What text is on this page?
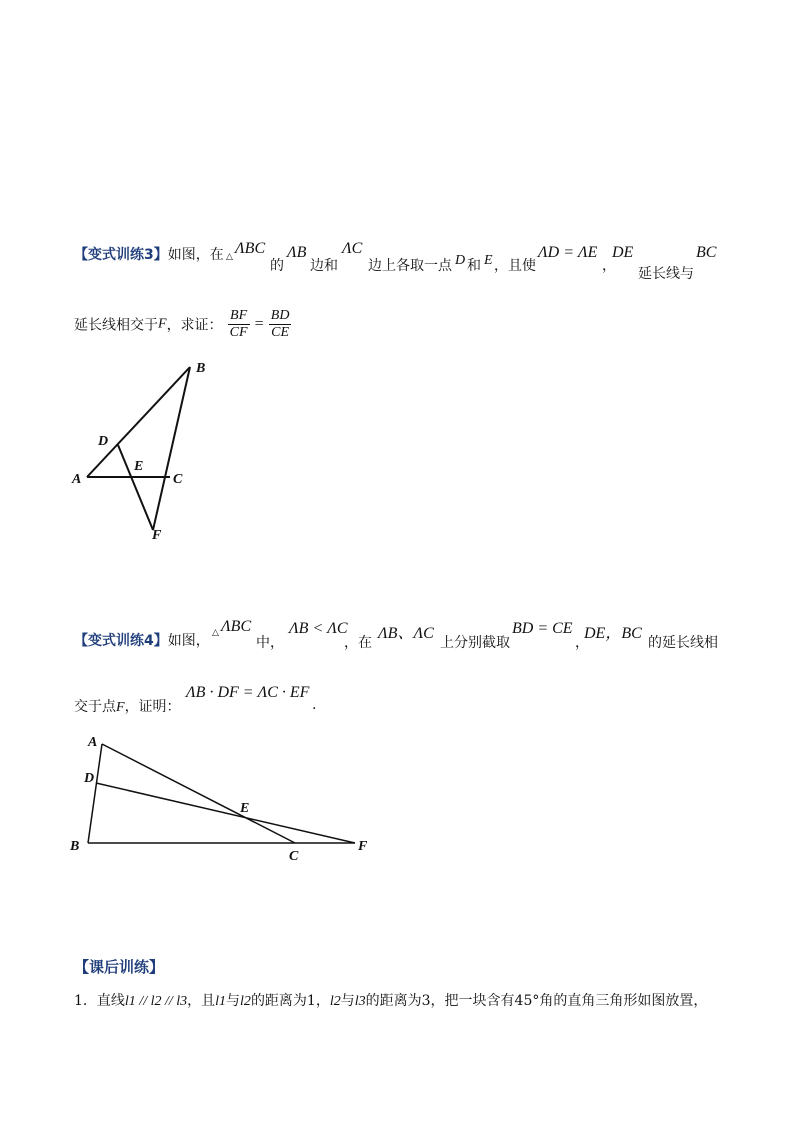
【变式训练3】如图，在 △ ΛBC
的
ΛB
边和
ΛC
边上各取一点 D 和 E ，且使
ΛD = ΛE
，
DE
延长线与
BC
延长线相交于F，求证： $\frac{BF}{CF} = \frac{BD}{CE}$
B
D
E
A	C
F
【变式训练4】如图， △ ΛBC
中，
ΛB < ΛC
，在
ΛB、ΛC
上分别截取
BD = CE
，
DE，BC
的延长线相
交于点F，证明：
ΛB · DF = ΛC · EF
.
A
D
E
B
C
F
【课后训练】
1．直线l1 // l2 // l3，且l1与l2的距离为1，l2与l3的距离为3，把一块含有45°角的直角三角形如图放置，
